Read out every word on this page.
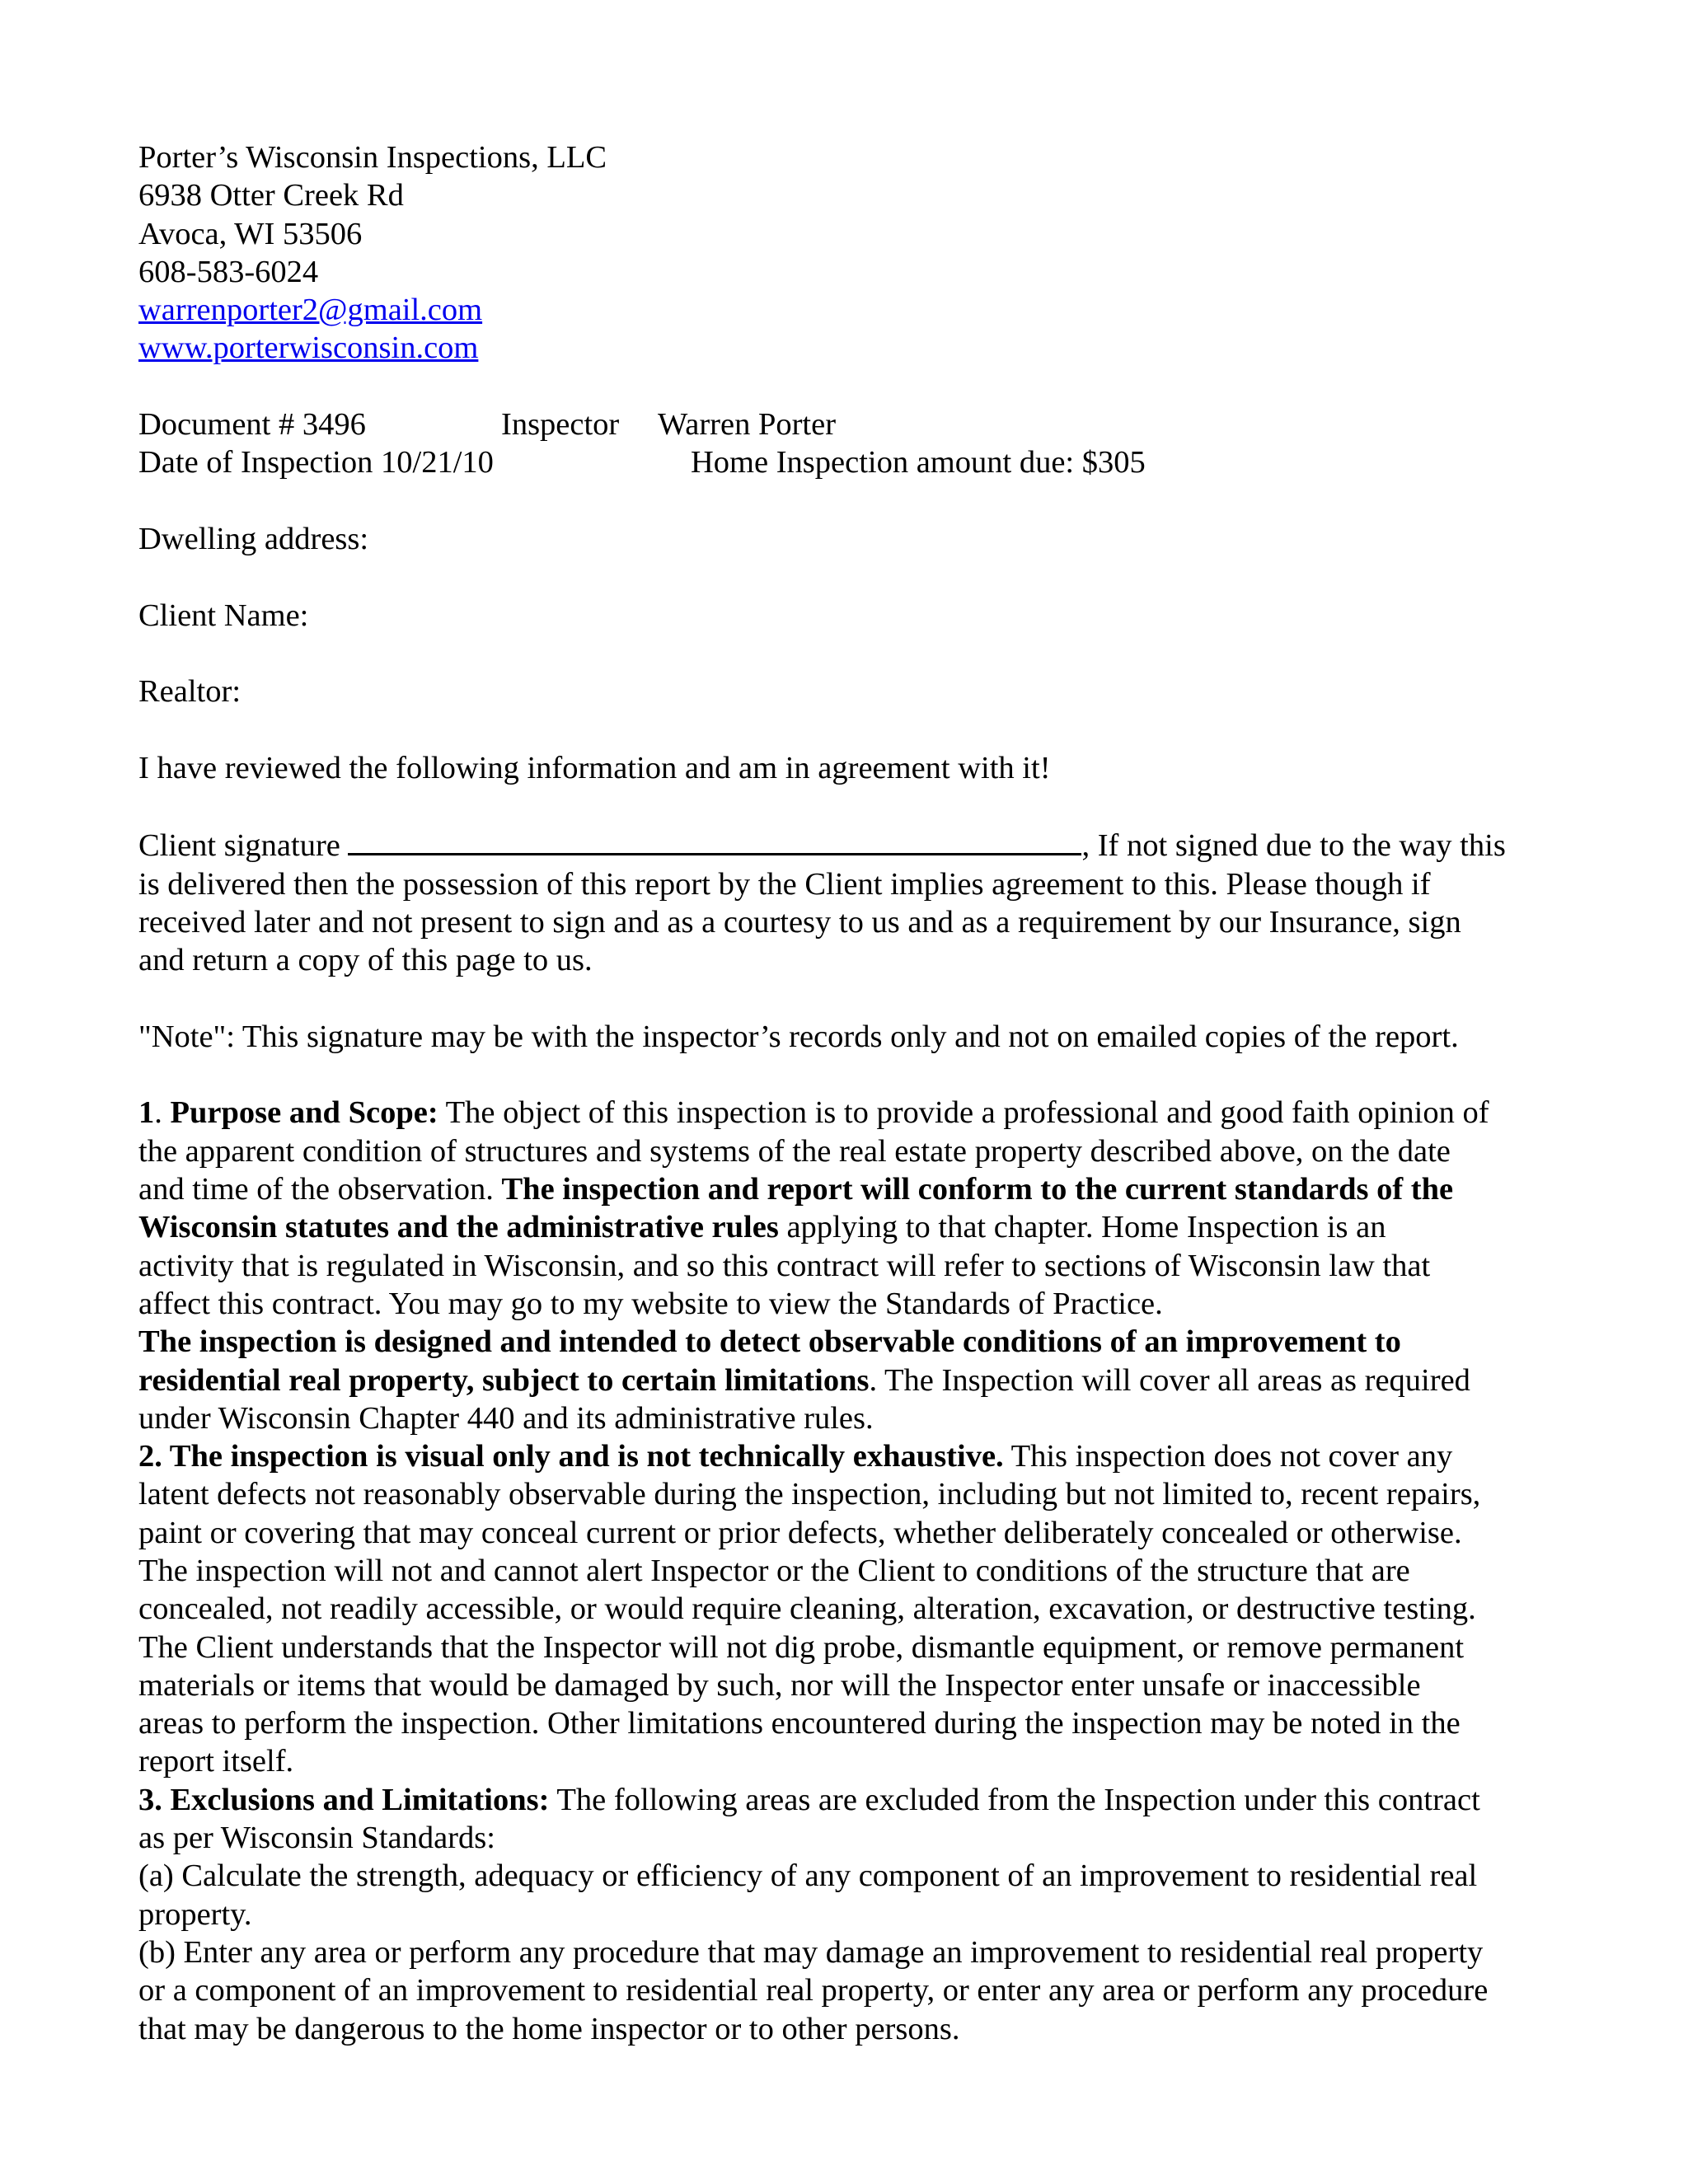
Porter’s Wisconsin Inspections, LLC
6938 Otter Creek Rd
Avoca, WI 53506
608-583-6024
warrenporter2@gmail.com
www.porterwisconsin.com
Document # 3496	Inspector	Warren Porter
Date of Inspection 10/21/10	Home Inspection amount due: $305
Dwelling address:
Client Name:
Realtor:
I have reviewed the following information and am in agreement with it!
Client signature	, If not signed due to the way this
is delivered then the possession of this report by the Client implies agreement to this. Please though if
received later and not present to sign and as a courtesy to us and as a requirement by our Insurance, sign
and return a copy of this page to us.
"Note": This signature may be with the inspector’s records only and not on emailed copies of the report.
1. Purpose and Scope: The object of this inspection is to provide a professional and good faith opinion of
the apparent condition of structures and systems of the real estate property described above, on the date
and time of the observation. The inspection and report will conform to the current standards of the
Wisconsin statutes and the administrative rules applying to that chapter. Home Inspection is an
activity that is regulated in Wisconsin, and so this contract will refer to sections of Wisconsin law that
affect this contract. You may go to my website to view the Standards of Practice.
The inspection is designed and intended to detect observable conditions of an improvement to
residential real property, subject to certain limitations. The Inspection will cover all areas as required
under Wisconsin Chapter 440 and its administrative rules.
2. The inspection is visual only and is not technically exhaustive. This inspection does not cover any
latent defects not reasonably observable during the inspection, including but not limited to, recent repairs,
paint or covering that may conceal current or prior defects, whether deliberately concealed or otherwise.
The inspection will not and cannot alert Inspector or the Client to conditions of the structure that are
concealed, not readily accessible, or would require cleaning, alteration, excavation, or destructive testing.
The Client understands that the Inspector will not dig probe, dismantle equipment, or remove permanent
materials or items that would be damaged by such, nor will the Inspector enter unsafe or inaccessible
areas to perform the inspection. Other limitations encountered during the inspection may be noted in the
report itself.
3. Exclusions and Limitations: The following areas are excluded from the Inspection under this contract
as per Wisconsin Standards:
(a) Calculate the strength, adequacy or efficiency of any component of an improvement to residential real
property.
(b) Enter any area or perform any procedure that may damage an improvement to residential real property
or a component of an improvement to residential real property, or enter any area or perform any procedure
that may be dangerous to the home inspector or to other persons.
